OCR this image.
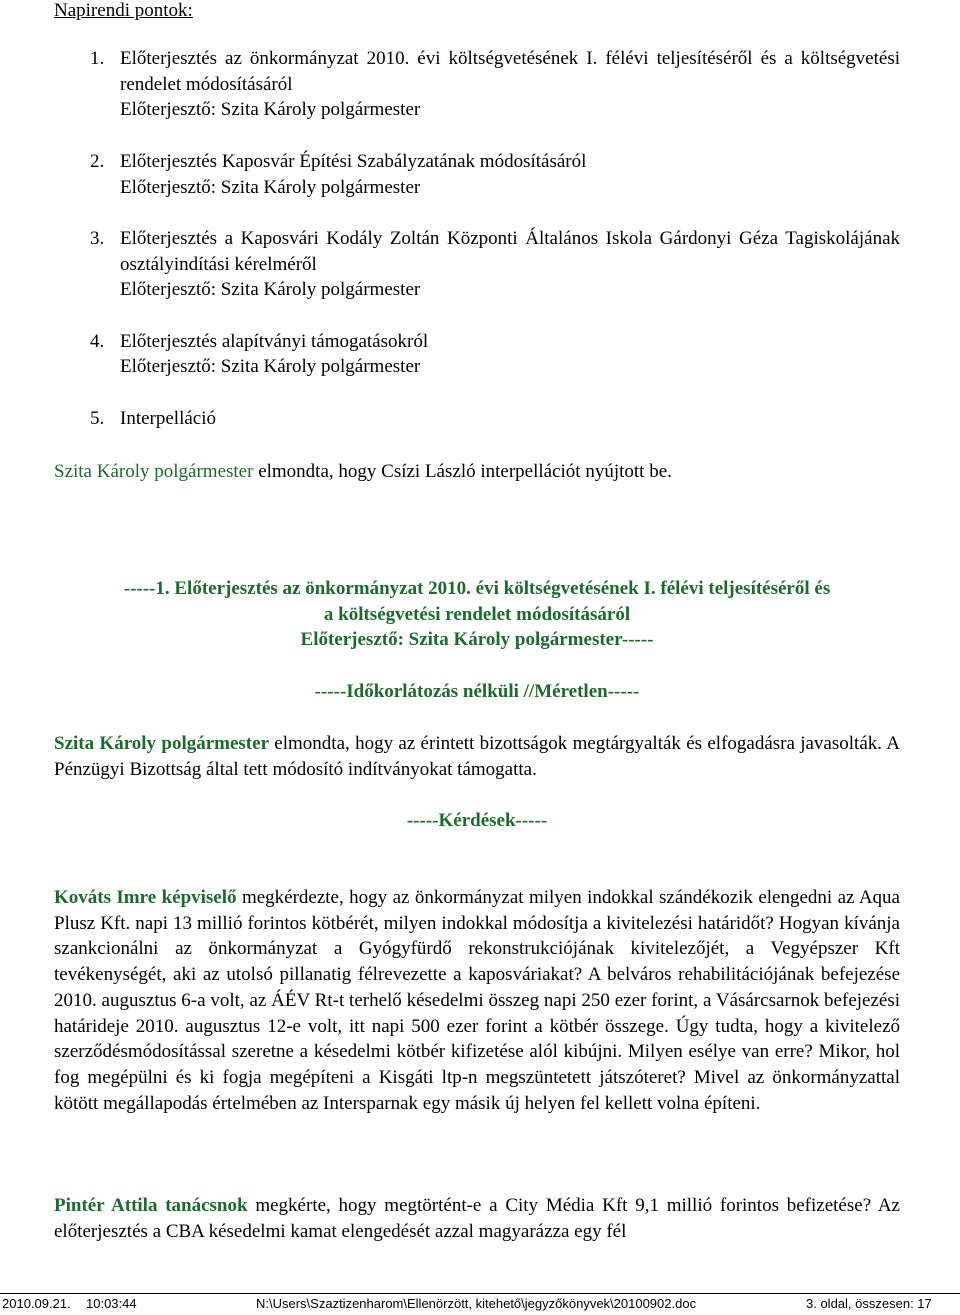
Napirendi pontok:
1. Előterjesztés az önkormányzat 2010. évi költségvetésének I. félévi teljesítéséről és a költségvetési rendelet módosításáról
Előterjesztő: Szita Károly polgármester
2. Előterjesztés Kaposvár Építési Szabályzatának módosításáról
Előterjesztő: Szita Károly polgármester
3. Előterjesztés a Kaposvári Kodály Zoltán Központi Általános Iskola Gárdonyi Géza Tagiskolájának osztályindítási kérelméről
Előterjesztő: Szita Károly polgármester
4. Előterjesztés alapítványi támogatásokról
Előterjesztő: Szita Károly polgármester
5. Interpelláció
Szita Károly polgármester elmondta, hogy Csízi László interpellációt nyújtott be.
-----1. Előterjesztés az önkormányzat 2010. évi költségvetésének I. félévi teljesítéséről és
a költségvetési rendelet módosításáról
Előterjesztő: Szita Károly polgármester-----
-----Időkorlátozás nélküli //Méretlen-----
Szita Károly polgármester elmondta, hogy az érintett bizottságok megtárgyalták és elfogadásra javasolták. A Pénzügyi Bizottság által tett módosító indítványokat támogatta.
-----Kérdések-----
Kováts Imre képviselő megkérdezte, hogy az önkormányzat milyen indokkal szándékozik elengedni az Aqua Plusz Kft. napi 13 millió forintos kötbérét, milyen indokkal módosítja a kivitelezési határidőt? Hogyan kívánja szankcionálni az önkormányzat a Gyógyfürdő rekonstrukciójának kivitelezőjét, a Vegyépszer Kft tevékenységét, aki az utolsó pillanatig félrevezette a kaposváriakat? A belváros rehabilitációjának befejezése 2010. augusztus 6-a volt, az ÁÉV Rt-t terhelő késedelmi összeg napi 250 ezer forint, a Vásárcsarnok befejezési határideje 2010. augusztus 12-e volt, itt napi 500 ezer forint a kötbér összege. Úgy tudta, hogy a kivitelező szerződésmódosítással szeretne a késedelmi kötbér kifizetése alól kibújni. Milyen esélye van erre? Mikor, hol fog megépülni és ki fogja megépíteni a Kisgáti ltp-n megszüntetett játszóteret? Mivel az önkormányzattal kötött megállapodás értelmében az Intersparnak egy másik új helyen fel kellett volna építeni.
Pintér Attila tanácsnok megkérte, hogy megtörtént-e a City Média Kft 9,1 millió forintos befizetése? Az előterjesztés a CBA késedelmi kamat elengedését azzal magyarázza egy fél
2010.09.21. 10:03:44	N:\Users\Szaztizenharom\Ellenörzött, kitehető\jegyzőkönyvek\20100902.doc	3. oldal, összesen: 17
